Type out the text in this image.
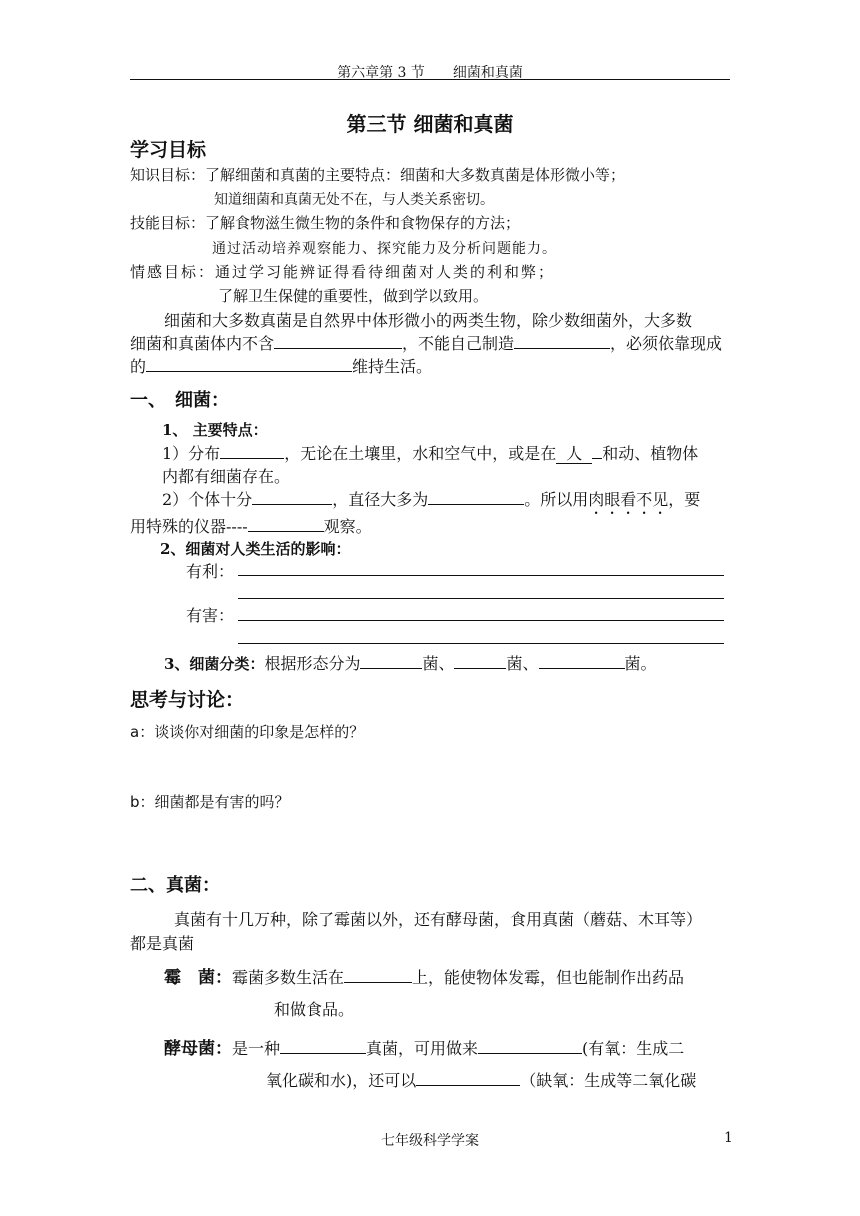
第六章第 3 节　　细菌和真菌
第三节 细菌和真菌
学习目标
知识目标：了解细菌和真菌的主要特点：细菌和大多数真菌是体形微小等；
知道细菌和真菌无处不在，与人类关系密切。
技能目标：了解食物滋生微生物的条件和食物保存的方法；
通过活动培养观察能力、探究能力及分析问题能力。
情感目标：通过学习能辨证得看待细菌对人类的利和弊；
了解卫生保健的重要性，做到学以致用。
细菌和大多数真菌是自然界中体形微小的两类生物，除少数细菌外，大多数
细菌和真菌体内不含	，不能自己制造	，必须依靠现成
的	维持生活。
一、　细菌：
1、 主要特点：
1）分布	，无论在土壤里，水和空气中，或是在 人 和动、植物体
内都有细菌存在。
2）个体十分	，直径大多为	。所以用肉眼看不见，要
用特殊的仪器----	观察。
2、细菌对人类生活的影响：
有利：
有害：
3、细菌分类：根据形态分为	菌、	菌、	菌。
思考与讨论：
a：谈谈你对细菌的印象是怎样的？
b：细菌都是有害的吗？
二、真菌：
真菌有十几万种，除了霉菌以外，还有酵母菌，食用真菌（蘑菇、木耳等）
都是真菌
霉　菌：霉菌多数生活在	上，能使物体发霉，但也能制作出药品
和做食品。
酵母菌：是一种	真菌，可用做来	(有氧：生成二
氧化碳和水)，还可以	（缺氧：生成等二氧化碳
七年级科学学案	1
